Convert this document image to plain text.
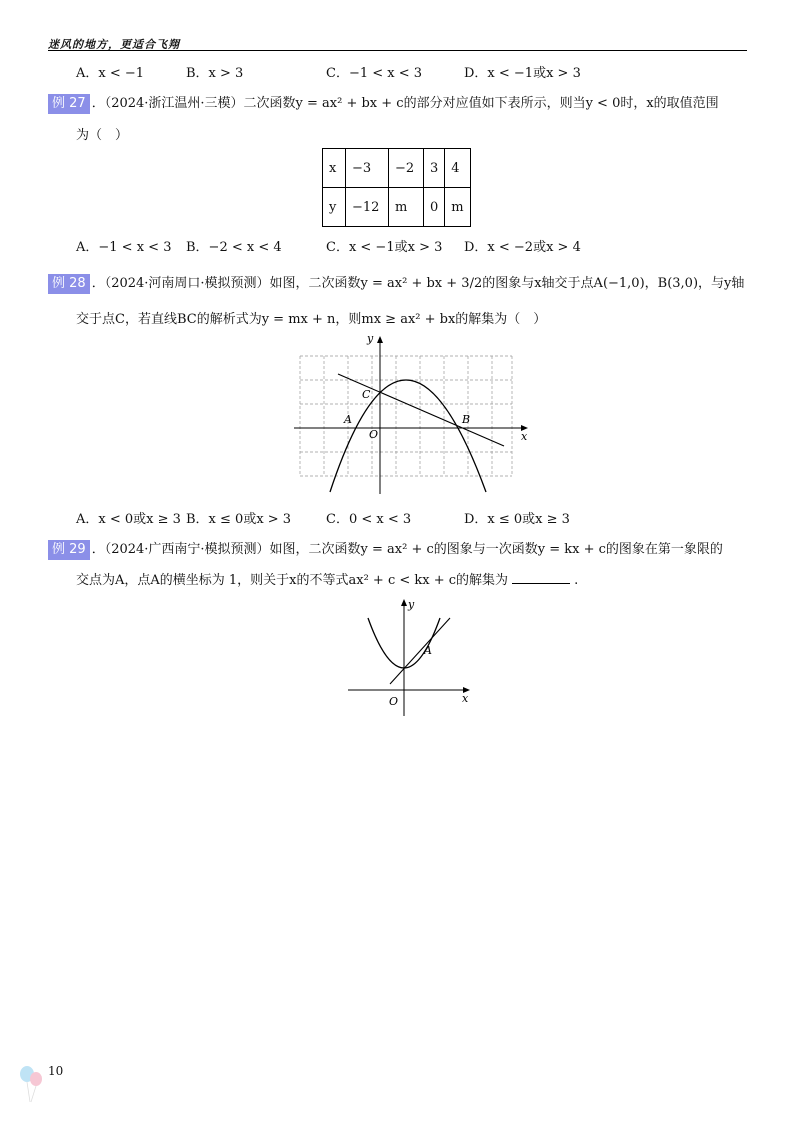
迷风的地方，更适合飞翔
A．x < −1	B．x > 3	C．−1 < x < 3	D．x < −1或x > 3
例 27 ．（2024·浙江温州·三模）二次函数y = ax² + bx + c的部分对应值如下表所示，则当y < 0时，x的取值范围
为（　）
x	−3	−2	3	4
y	−12	m	0	m
A．−1 < x < 3	B．−2 < x < 4	C．x < −1或x > 3	D．x < −2或x > 4
例 28 ．（2024·河南周口·模拟预测）如图，二次函数y = ax² + bx + 3/2的图象与x轴交于点A(−1,0)，B(3,0)，与y轴
交于点C，若直线BC的解析式为y = mx + n，则mx ≥ ax² + bx的解集为（　）
y
x
O
A	B
C
A．x < 0或x ≥ 3 B．x ≤ 0或x > 3	C．0 < x < 3	D．x ≤ 0或x ≥ 3
例 29 ．（2024·广西南宁·模拟预测）如图，二次函数y = ax² + c的图象与一次函数y = kx + c的图象在第一象限的
交点为A，点A的横坐标为 1，则关于x的不等式ax² + c < kx + c的解集为	.
y
x
O
A
10
